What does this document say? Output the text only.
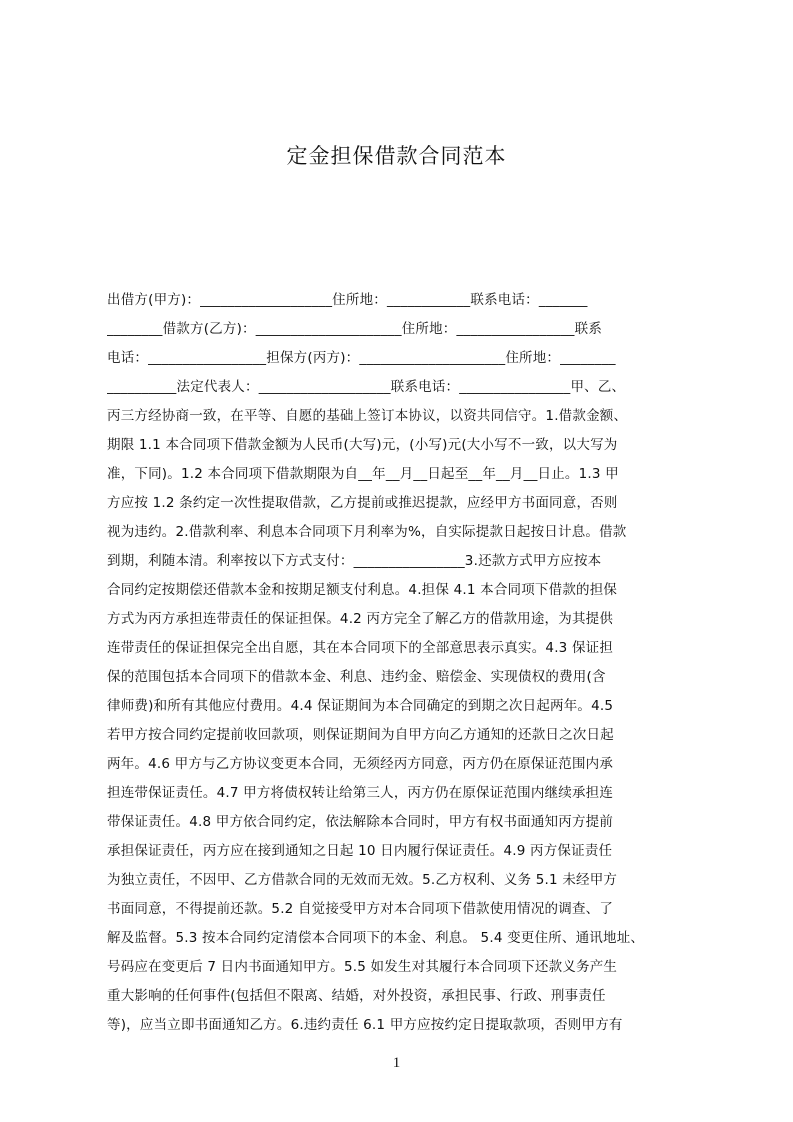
定金担保借款合同范本
出借方(甲方)：___________________住所地：____________联系电话：_______
________借款方(乙方)：_____________________住所地：_________________联系
电话：_________________担保方(丙方)：_____________________住所地：________
__________法定代表人：___________________联系电话：________________甲、乙、
丙三方经协商一致，在平等、自愿的基础上签订本协议，以资共同信守。1.借款金额、
期限 1.1 本合同项下借款金额为人民币(大写)元，(小写)元(大小写不一致，以大写为
准，下同)。1.2 本合同项下借款期限为自__年__月__日起至__年__月__日止。1.3 甲
方应按 1.2 条约定一次性提取借款，乙方提前或推迟提款，应经甲方书面同意，否则
视为违约。2.借款利率、利息本合同项下月利率为%，自实际提款日起按日计息。借款
到期，利随本清。利率按以下方式支付：________________3.还款方式甲方应按本
合同约定按期偿还借款本金和按期足额支付利息。4.担保 4.1 本合同项下借款的担保
方式为丙方承担连带责任的保证担保。4.2 丙方完全了解乙方的借款用途，为其提供
连带责任的保证担保完全出自愿，其在本合同项下的全部意思表示真实。4.3 保证担
保的范围包括本合同项下的借款本金、利息、违约金、赔偿金、实现债权的费用(含
律师费)和所有其他应付费用。4.4 保证期间为本合同确定的到期之次日起两年。4.5
若甲方按合同约定提前收回款项，则保证期间为自甲方向乙方通知的还款日之次日起
两年。4.6 甲方与乙方协议变更本合同，无须经丙方同意，丙方仍在原保证范围内承
担连带保证责任。4.7 甲方将债权转让给第三人，丙方仍在原保证范围内继续承担连
带保证责任。4.8 甲方依合同约定，依法解除本合同时，甲方有权书面通知丙方提前
承担保证责任，丙方应在接到通知之日起 10 日内履行保证责任。4.9 丙方保证责任
为独立责任，不因甲、乙方借款合同的无效而无效。5.乙方权利、义务 5.1 未经甲方
书面同意，不得提前还款。5.2 自觉接受甲方对本合同项下借款使用情况的调查、了
解及监督。5.3 按本合同约定清偿本合同项下的本金、利息。 5.4 变更住所、通讯地址、
号码应在变更后 7 日内书面通知甲方。5.5 如发生对其履行本合同项下还款义务产生
重大影响的任何事件(包括但不限离、结婚，对外投资，承担民事、行政、刑事责任
等)，应当立即书面通知乙方。6.违约责任 6.1 甲方应按约定日提取款项，否则甲方有
1
